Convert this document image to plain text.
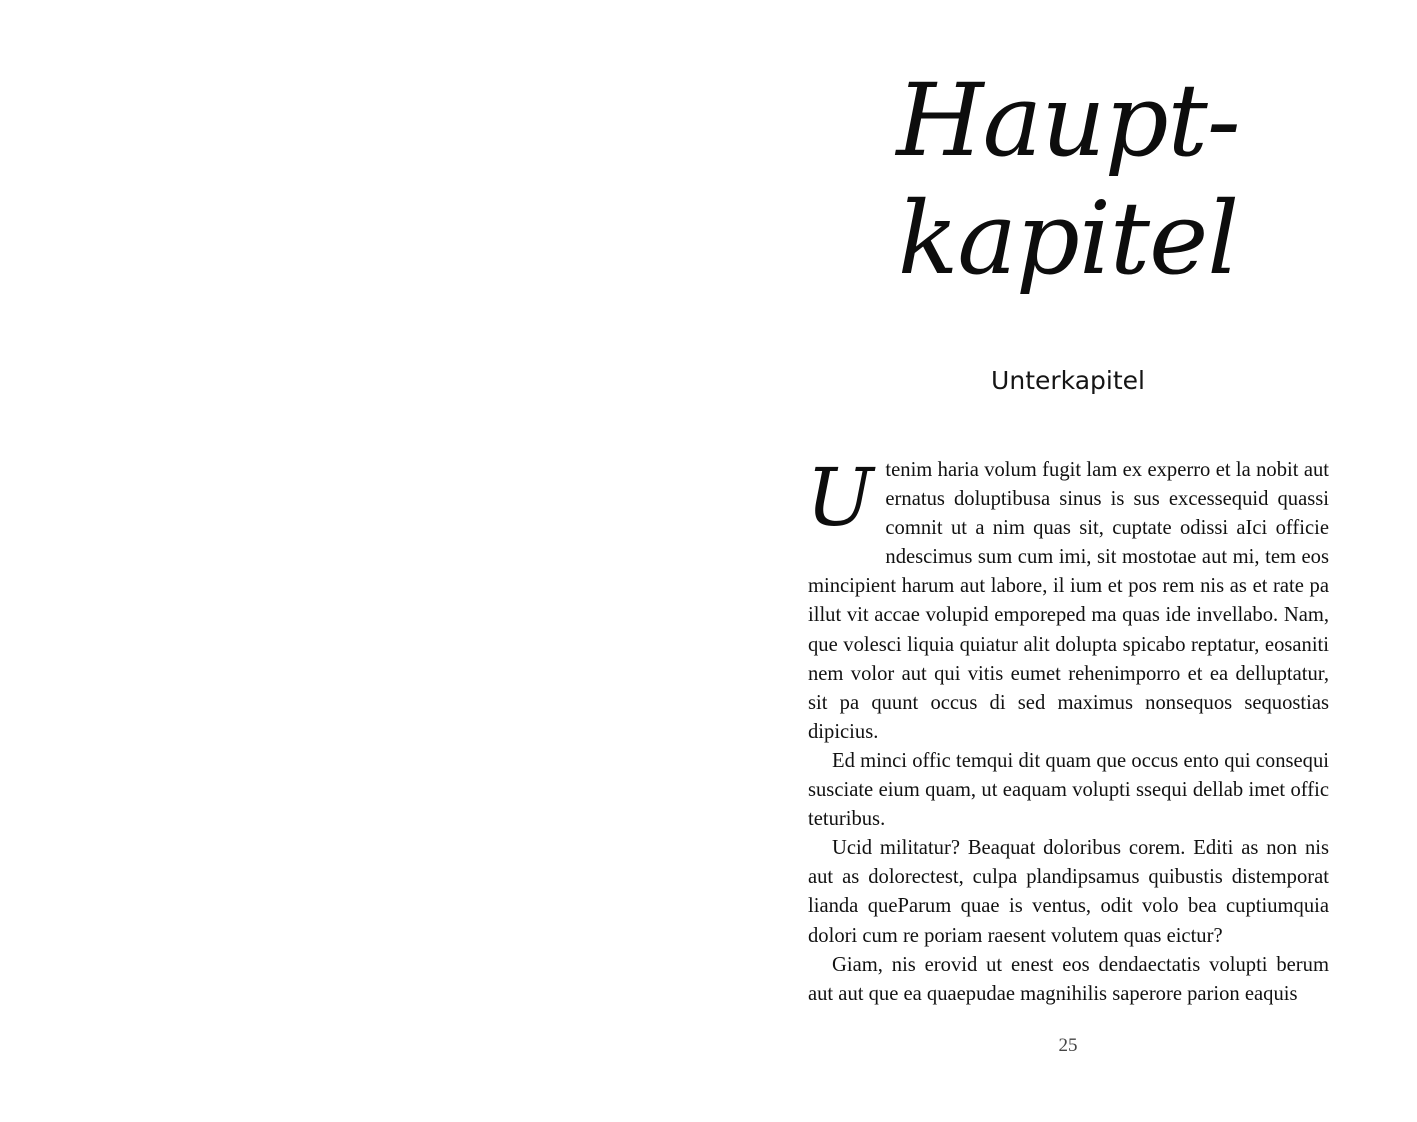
Haupt-
kapitel
Unterkapitel

Utenim haria volum fugit lam ex experro et la nobit aut ernatus doluptibusa sinus is sus excessequid quassi comnit ut a nim quas sit, cuptate odissi aIci officie ndescimus sum cum imi, sit mostotae aut mi, tem eos mincipient harum aut labore, il ium et pos rem nis as et rate pa illut vit accae volupid emporeped ma quas ide invellabo. Nam, que volesci liquia quiatur alit dolupta spicabo reptatur, eosaniti nem volor aut qui vitis eumet rehenimporro et ea delluptatur, sit pa quunt occus di sed maximus nonsequos sequostias dipicius.

Ed minci offic temqui dit quam que occus ento qui consequi susciate eium quam, ut eaquam volupti ssequi dellab imet offic teturibus.

Ucid militatur? Beaquat doloribus corem. Editi as non nis aut as dolorectest, culpa plandipsamus quibustis distemporat lianda queParum quae is ventus, odit volo bea cuptiumquia dolori cum re poriam raesent volutem quas eictur?

Giam, nis erovid ut enest eos dendaectatis volupti berum aut aut que ea quaepudae magnihilis saperore parion eaquis

25
